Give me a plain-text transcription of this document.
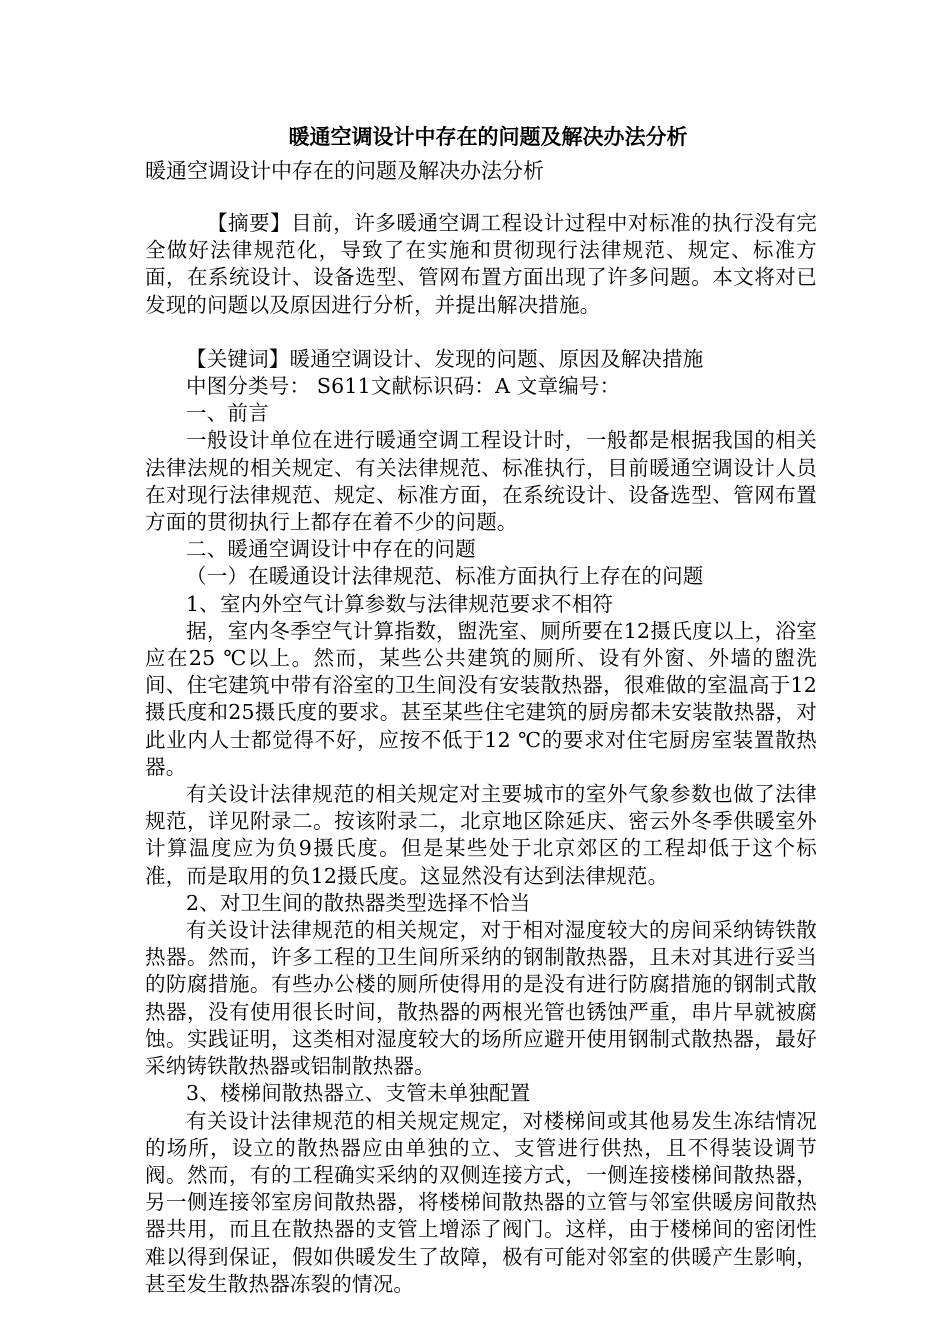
暖通空调设计中存在的问题及解决办法分析

暖通空调设计中存在的问题及解决办法分析

【摘要】目前，许多暖通空调工程设计过程中对标准的执行没有完全做好法律规范化，导致了在实施和贯彻现行法律规范、规定、标准方面，在系统设计、设备选型、管网布置方面出现了许多问题。本文将对已发现的问题以及原因进行分析，并提出解决措施。

【关键词】暖通空调设计、发现的问题、原因及解决措施

中图分类号： S611文献标识码：A 文章编号：

一、前言

一般设计单位在进行暖通空调工程设计时，一般都是根据我国的相关法律法规的相关规定、有关法律规范、标准执行，目前暖通空调设计人员在对现行法律规范、规定、标准方面，在系统设计、设备选型、管网布置方面的贯彻执行上都存在着不少的问题。

二、暖通空调设计中存在的问题

（一）在暖通设计法律规范、标准方面执行上存在的问题

1、室内外空气计算参数与法律规范要求不相符

据，室内冬季空气计算指数，盥洗室、厕所要在12摄氏度以上，浴室应在25 ℃以上。然而，某些公共建筑的厕所、设有外窗、外墙的盥洗间、住宅建筑中带有浴室的卫生间没有安装散热器，很难做的室温高于12 摄氏度和25摄氏度的要求。甚至某些住宅建筑的厨房都未安装散热器，对此业内人士都觉得不好，应按不低于12 ℃的要求对住宅厨房室装置散热器。

有关设计法律规范的相关规定对主要城市的室外气象参数也做了法律规范，详见附录二。按该附录二，北京地区除延庆、密云外冬季供暖室外计算温度应为负9摄氏度。但是某些处于北京郊区的工程却低于这个标准，而是取用的负12摄氏度。这显然没有达到法律规范。

2、对卫生间的散热器类型选择不恰当

有关设计法律规范的相关规定，对于相对湿度较大的房间采纳铸铁散热器。然而，许多工程的卫生间所采纳的钢制散热器，且未对其进行妥当的防腐措施。有些办公楼的厕所使得用的是没有进行防腐措施的钢制式散热器，没有使用很长时间，散热器的两根光管也锈蚀严重，串片早就被腐蚀。实践证明，这类相对湿度较大的场所应避开使用钢制式散热器，最好采纳铸铁散热器或铝制散热器。

3、楼梯间散热器立、支管未单独配置

有关设计法律规范的相关规定规定，对楼梯间或其他易发生冻结情况的场所，设立的散热器应由单独的立、支管进行供热，且不得装设调节阀。然而，有的工程确实采纳的双侧连接方式，一侧连接楼梯间散热器，另一侧连接邻室房间散热器，将楼梯间散热器的立管与邻室供暖房间散热器共用，而且在散热器的支管上增添了阀门。这样，由于楼梯间的密闭性难以得到保证，假如供暖发生了故障，极有可能对邻室的供暖产生影响，甚至发生散热器冻裂的情况。
